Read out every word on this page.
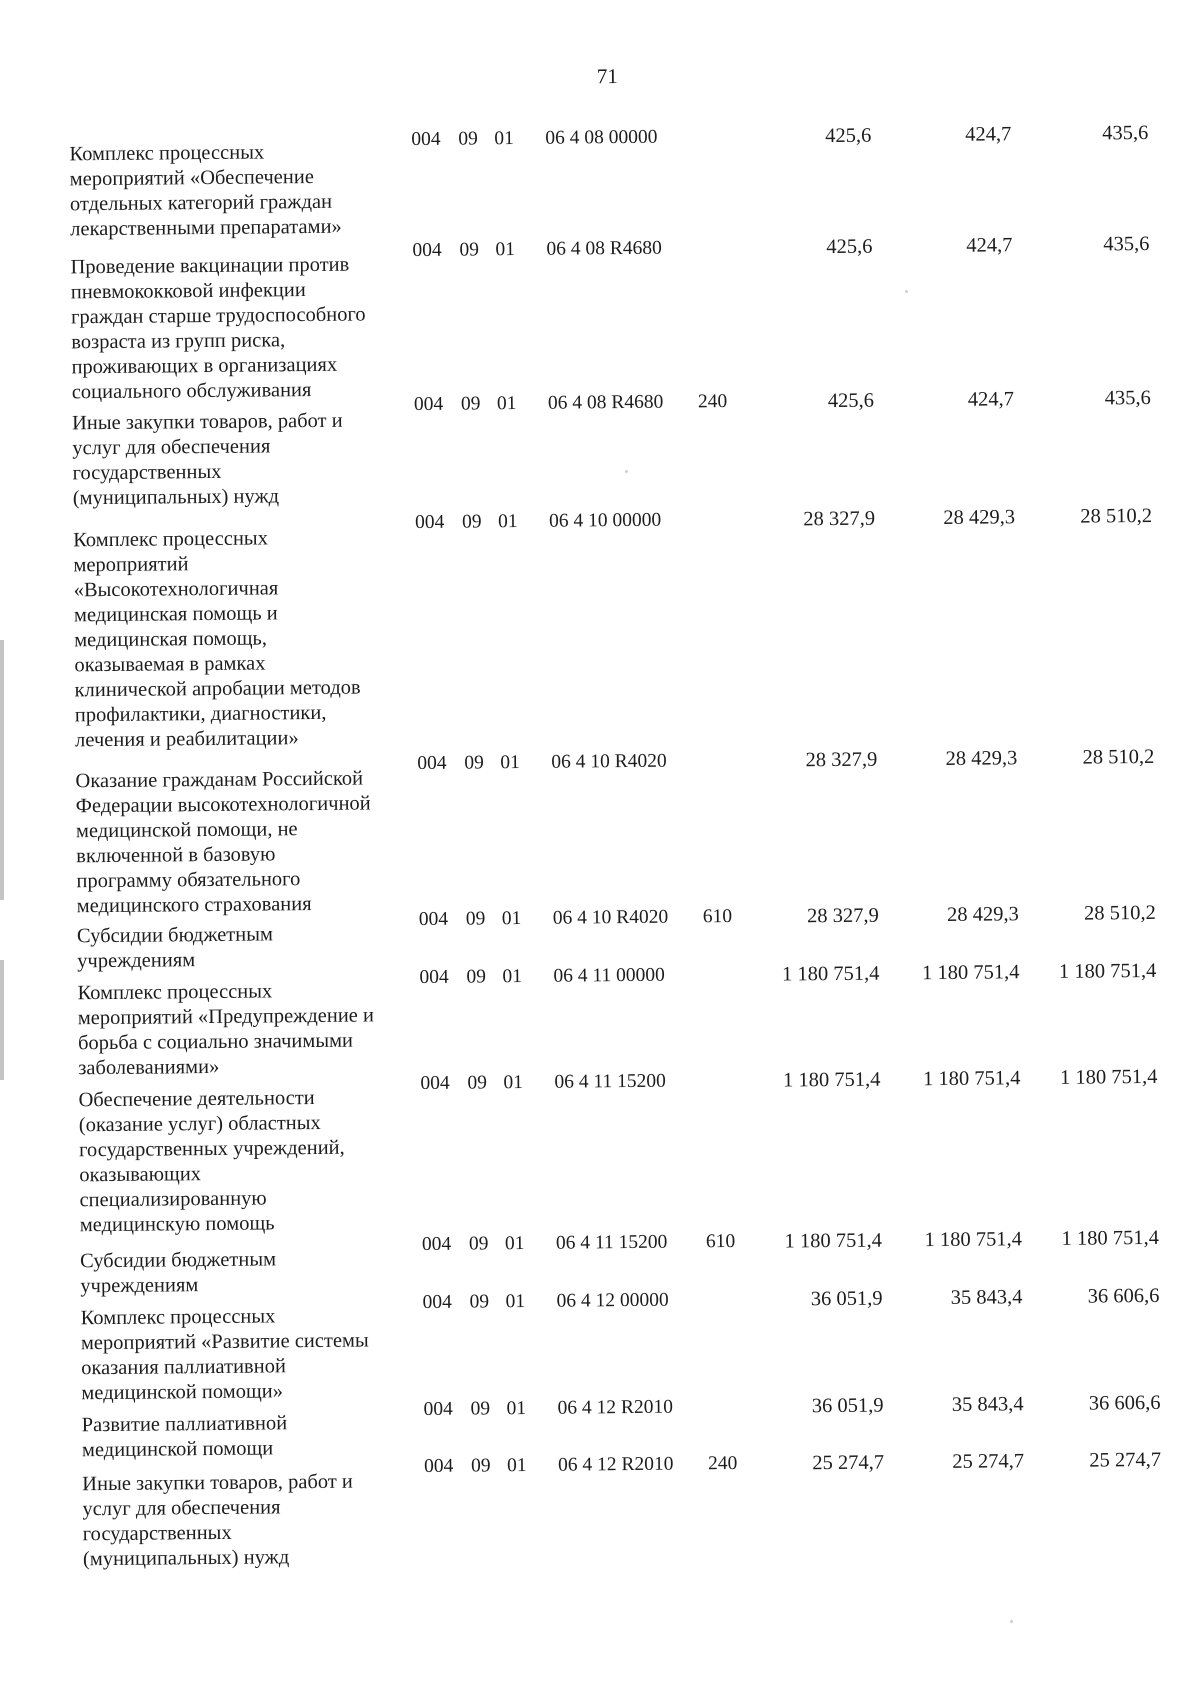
71
Комплекс процессных
мероприятий «Обеспечение
отдельных категорий граждан
лекарственными препаратами»
004 09 01 06 4 08 00000	425,6	424,7	435,6
Проведение вакцинации против
пневмококковой инфекции
граждан старше трудоспособного
возраста из групп риска,
проживающих в организациях
социального обслуживания
004 09 01 06 4 08 R4680	425,6	424,7	435,6
Иные закупки товаров, работ и
услуг для обеспечения
государственных
(муниципальных) нужд
004 09 01 06 4 08 R4680 240	425,6	424,7	435,6
Комплекс процессных
мероприятий
«Высокотехнологичная
медицинская помощь и
медицинская помощь,
оказываемая в рамках
клинической апробации методов
профилактики, диагностики,
лечения и реабилитации»
004 09 01 06 4 10 00000	28 327,9	28 429,3	28 510,2
Оказание гражданам Российской
Федерации высокотехнологичной
медицинской помощи, не
включенной в базовую
программу обязательного
медицинского страхования
004 09 01 06 4 10 R4020	28 327,9	28 429,3	28 510,2
Субсидии бюджетным
учреждениям
004 09 01 06 4 10 R4020 610	28 327,9	28 429,3	28 510,2
Комплекс процессных
мероприятий «Предупреждение и
борьба с социально значимыми
заболеваниями»
004 09 01 06 4 11 00000	1 180 751,4	1 180 751,4	1 180 751,4
Обеспечение деятельности
(оказание услуг) областных
государственных учреждений,
оказывающих
специализированную
медицинскую помощь
004 09 01 06 4 11 15200	1 180 751,4	1 180 751,4	1 180 751,4
Субсидии бюджетным
учреждениям
004 09 01 06 4 11 15200 610	1 180 751,4	1 180 751,4	1 180 751,4
Комплекс процессных
мероприятий «Развитие системы
оказания паллиативной
медицинской помощи»
004 09 01 06 4 12 00000	36 051,9	35 843,4	36 606,6
Развитие паллиативной
медицинской помощи
004 09 01 06 4 12 R2010	36 051,9	35 843,4	36 606,6
Иные закупки товаров, работ и
услуг для обеспечения
государственных
(муниципальных) нужд
004 09 01 06 4 12 R2010 240	25 274,7	25 274,7	25 274,7
